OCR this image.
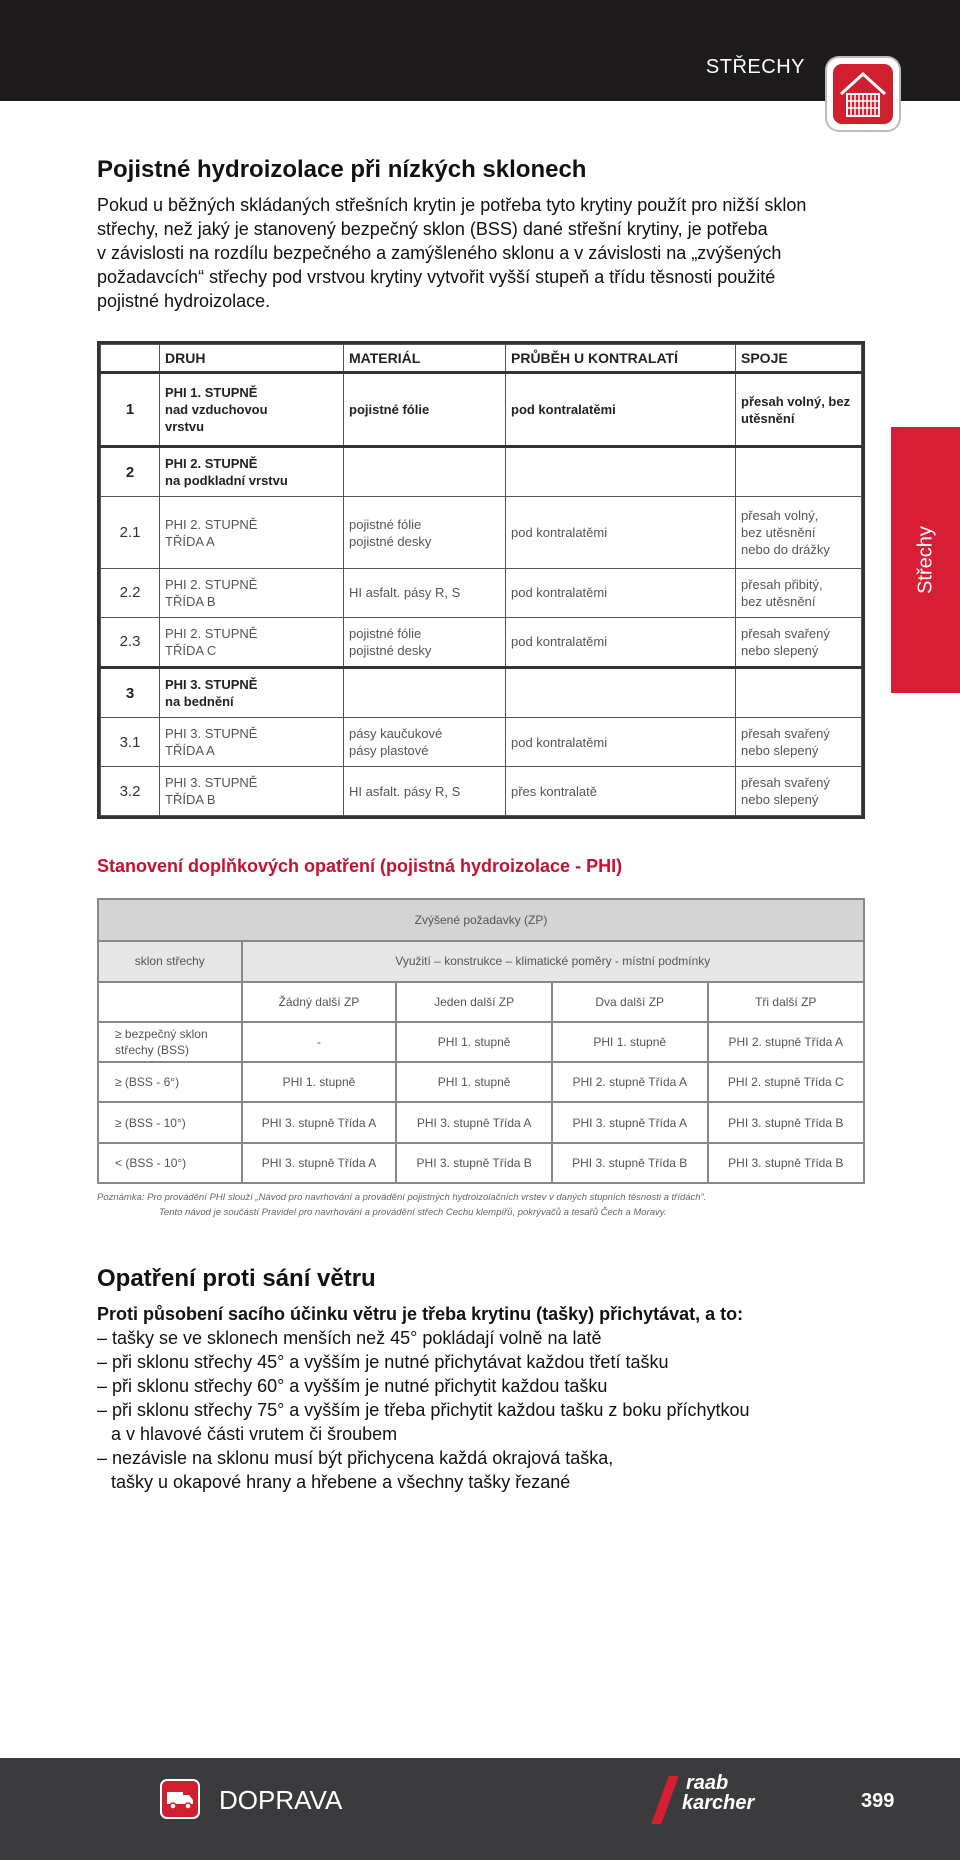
STŘECHY
Střechy
Pojistné hydroizolace při nízkých sklonech

Pokud u běžných skládaných střešních krytin je potřeba tyto krytiny použít pro nižší sklon

střechy, než jaký je stanovený bezpečný sklon (BSS) dané střešní krytiny, je potřeba

v závislosti na rozdílu bezpečného a zamýšleného sklonu a v závislosti na „zvýšených

požadavcích“ střechy pod vrstvou krytiny vytvořit vyšší stupeň a třídu těsnosti použité

pojistné hydroizolace.

	DRUH	MATERIÁL	PRŮBĚH U KONTRALATÍ	SPOJE
1	PHI 1. STUPNĚ
nad vzduchovou
vrstvu	pojistné fólie	pod kontralatěmi	přesah volný, bez
utěsnění
2	PHI 2. STUPNĚ
na podkladní vrstvu			
2.1	PHI 2. STUPNĚ
TŘÍDA A	pojistné fólie
pojistné desky	pod kontralatěmi	přesah volný,
bez utěsnění
nebo do drážky
2.2	PHI 2. STUPNĚ
TŘÍDA B	HI asfalt. pásy R, S	pod kontralatěmi	přesah přibitý,
bez utěsnění
2.3	PHI 2. STUPNĚ
TŘÍDA C	pojistné fólie
pojistné desky	pod kontralatěmi	přesah svařený
nebo slepený
3	PHI 3. STUPNĚ
na bednění			
3.1	PHI 3. STUPNĚ
TŘÍDA A	pásy kaučukové
pásy plastové	pod kontralatěmi	přesah svařený
nebo slepený
3.2	PHI 3. STUPNĚ
TŘÍDA B	HI asfalt. pásy R, S	přes kontralatě	přesah svařený
nebo slepený
Stanovení doplňkových opatření (pojistná hydroizolace - PHI)
Zvýšené požadavky (ZP)				
sklon střechy	Využití – konstrukce – klimatické poměry - místní podmínky			
	Žádný další ZP	Jeden další ZP	Dva další ZP	Tři další ZP
≥ bezpečný sklon
střechy (BSS)	-	PHI 1. stupně	PHI 1. stupně	PHI 2. stupně Třída A
≥ (BSS - 6°)	PHI 1. stupně	PHI 1. stupně	PHI 2. stupně Třída A	PHI 2. stupně Třída C
≥ (BSS - 10°)	PHI 3. stupně Třída A	PHI 3. stupně Třída A	PHI 3. stupně Třída A	PHI 3. stupně Třída B
< (BSS - 10°)	PHI 3. stupně Třída A	PHI 3. stupně Třída B	PHI 3. stupně Třída B	PHI 3. stupně Třída B
Poznámka: Pro provádění PHI slouží „Návod pro navrhování a provádění pojistných hydroizolačních vrstev v daných stupních těsnosti a třídách“.
Tento návod je součástí Pravidel pro navrhování a provádění střech Cechu klempířů, pokrývačů a tesařů Čech a Moravy.
Opatření proti sání větru

Proti působení sacího účinku větru je třeba krytinu (tašky) přichytávat, a to:

– tašky se ve sklonech menších než 45° pokládají volně na latě

– při sklonu střechy 45° a vyšším je nutné přichytávat každou třetí tašku

– při sklonu střechy 60° a vyšším je nutné přichytit každou tašku

– při sklonu střechy 75° a vyšším je třeba přichytit každou tašku z boku příchytkou

a v hlavové části vrutem či šroubem

– nezávisle na sklonu musí být přichycena každá okrajová taška,

tašky u okapové hrany a hřebene a všechny tašky řezané

DOPRAVA
raab
karcher	399
